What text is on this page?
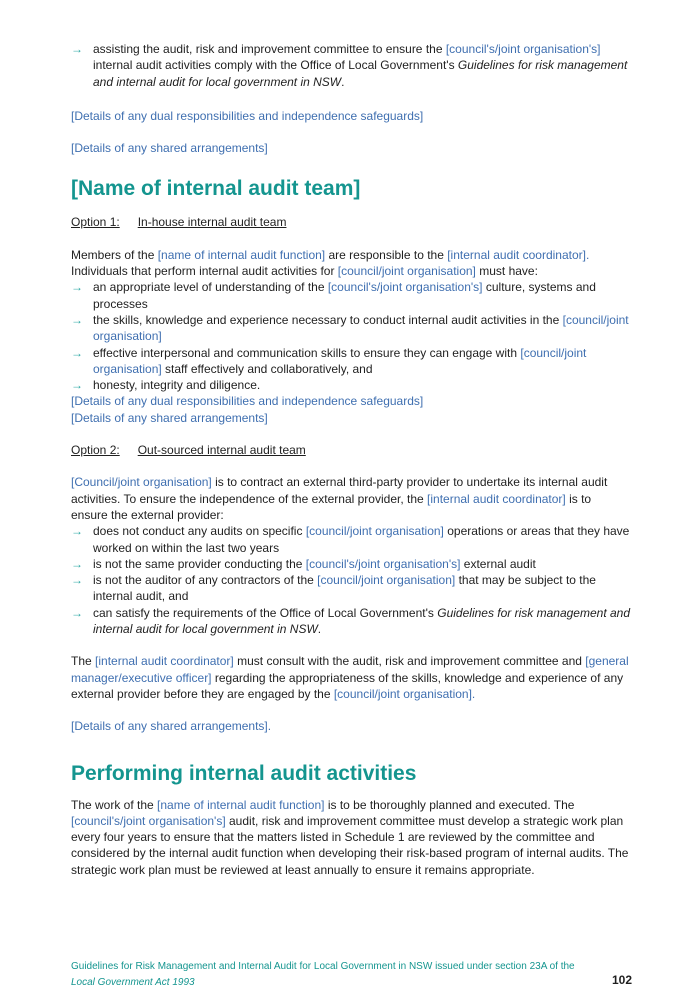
→ assisting the audit, risk and improvement committee to ensure the [council's/joint organisation's] internal audit activities comply with the Office of Local Government's Guidelines for risk management and internal audit for local government in NSW.

[Details of any dual responsibilities and independence safeguards]

[Details of any shared arrangements]

[Name of internal audit team]

Option 1: In-house internal audit team

Members of the [name of internal audit function] are responsible to the [internal audit coordinator]. Individuals that perform internal audit activities for [council/joint organisation] must have:

→ an appropriate level of understanding of the [council's/joint organisation's] culture, systems and processes
→ the skills, knowledge and experience necessary to conduct internal audit activities in the [council/joint organisation]
→ effective interpersonal and communication skills to ensure they can engage with [council/joint organisation] staff effectively and collaboratively, and
→ honesty, integrity and diligence.

[Details of any dual responsibilities and independence safeguards]

[Details of any shared arrangements]

Option 2: Out-sourced internal audit team

[Council/joint organisation] is to contract an external third-party provider to undertake its internal audit activities. To ensure the independence of the external provider, the [internal audit coordinator] is to ensure the external provider:

→ does not conduct any audits on specific [council/joint organisation] operations or areas that they have worked on within the last two years
→ is not the same provider conducting the [council's/joint organisation's] external audit
→ is not the auditor of any contractors of the [council/joint organisation] that may be subject to the internal audit, and
→ can satisfy the requirements of the Office of Local Government's Guidelines for risk management and internal audit for local government in NSW.

The [internal audit coordinator] must consult with the audit, risk and improvement committee and [general manager/executive officer] regarding the appropriateness of the skills, knowledge and experience of any external provider before they are engaged by the [council/joint organisation].

[Details of any shared arrangements].

Performing internal audit activities

The work of the [name of internal audit function] is to be thoroughly planned and executed. The [council's/joint organisation's] audit, risk and improvement committee must develop a strategic work plan every four years to ensure that the matters listed in Schedule 1 are reviewed by the committee and considered by the internal audit function when developing their risk-based program of internal audits. The strategic work plan must be reviewed at least annually to ensure it remains appropriate.

Guidelines for Risk Management and Internal Audit for Local Government in NSW issued under section 23A of the Local Government Act 1993	102
